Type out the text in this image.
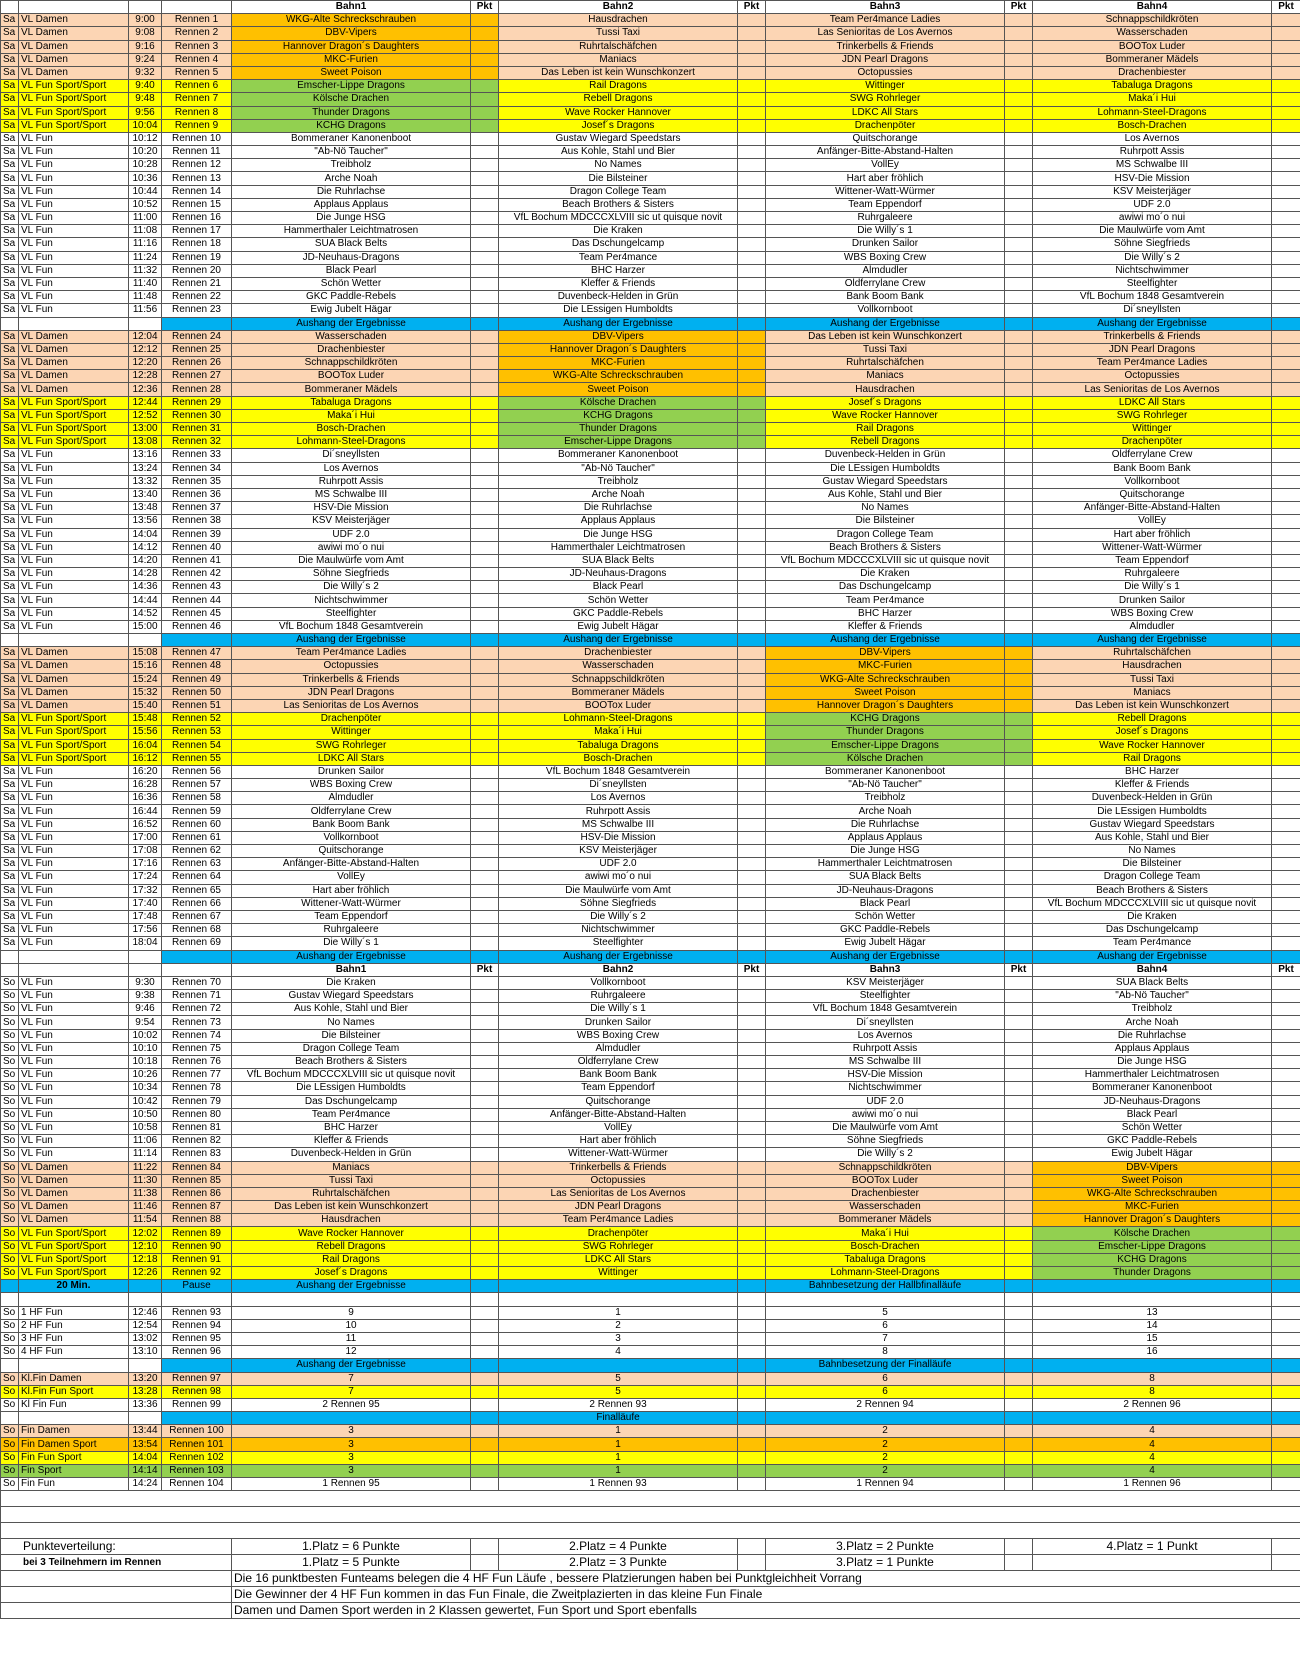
				Bahn1	Pkt	Bahn2	Pkt	Bahn3	Pkt	Bahn4	Pkt
Sa	VL Damen	9:00	Rennen 1	WKG-Alte Schreckschrauben		Hausdrachen		Team Per4mance Ladies		Schnappschildkröten	
Sa	VL Damen	9:08	Rennen 2	DBV-Vipers		Tussi Taxi		Las Senioritas de Los Avernos		Wasserschaden	
Sa	VL Damen	9:16	Rennen 3	Hannover Dragon´s Daughters		Ruhrtalschäfchen		Trinkerbells & Friends		BOOTox Luder	
Sa	VL Damen	9:24	Rennen 4	MKC-Furien		Maniacs		JDN Pearl Dragons		Bommeraner Mädels	
Sa	VL Damen	9:32	Rennen 5	Sweet Poison		Das Leben ist kein Wunschkonzert		Octopussies		Drachenbiester	
Sa	VL Fun Sport/Sport	9:40	Rennen 6	Emscher-Lippe Dragons		Rail Dragons		Wittinger		Tabaluga Dragons	
Sa	VL Fun Sport/Sport	9:48	Rennen 7	Kölsche Drachen		Rebell Dragons		SWG Rohrleger		Maka´i Hui	
Sa	VL Fun Sport/Sport	9:56	Rennen 8	Thunder Dragons		Wave Rocker Hannover		LDKC All Stars		Lohmann-Steel-Dragons	
Sa	VL Fun Sport/Sport	10:04	Rennen 9	KCHG Dragons		Josef´s Dragons		Drachenpöter		Bosch-Drachen	
Sa	VL Fun	10:12	Rennen 10	Bommeraner Kanonenboot		Gustav Wiegard Speedstars		Quitschorange		Los Avernos	
Sa	VL Fun	10:20	Rennen 11	"Ab-Nö Taucher"		Aus Kohle, Stahl und Bier		Anfänger-Bitte-Abstand-Halten		Ruhrpott Assis	
Sa	VL Fun	10:28	Rennen 12	Treibholz		No Names		VollEy		MS Schwalbe III	
Sa	VL Fun	10:36	Rennen 13	Arche Noah		Die Bilsteiner		Hart aber fröhlich		HSV-Die Mission	
Sa	VL Fun	10:44	Rennen 14	Die Ruhrlachse		Dragon College Team		Wittener-Watt-Würmer		KSV Meisterjäger	
Sa	VL Fun	10:52	Rennen 15	Applaus Applaus		Beach Brothers & Sisters		Team Eppendorf		UDF 2.0	
Sa	VL Fun	11:00	Rennen 16	Die Junge HSG		VfL Bochum MDCCCXLVIII sic ut quisque novit		Ruhrgaleere		awiwi mo´o nui	
Sa	VL Fun	11:08	Rennen 17	Hammerthaler Leichtmatrosen		Die Kraken		Die Willy´s 1		Die Maulwürfe vom Amt	
Sa	VL Fun	11:16	Rennen 18	SUA Black Belts		Das Dschungelcamp		Drunken Sailor		Söhne Siegfrieds	
Sa	VL Fun	11:24	Rennen 19	JD-Neuhaus-Dragons		Team Per4mance		WBS Boxing Crew		Die Willy´s 2	
Sa	VL Fun	11:32	Rennen 20	Black Pearl		BHC Harzer		Almdudler		Nichtschwimmer	
Sa	VL Fun	11:40	Rennen 21	Schön Wetter		Kleffer & Friends		Oldferrylane Crew		Steelfighter	
Sa	VL Fun	11:48	Rennen 22	GKC Paddle-Rebels		Duvenbeck-Helden in Grün		Bank Boom Bank		VfL Bochum 1848 Gesamtverein	
Sa	VL Fun	11:56	Rennen 23	Ewig Jubelt Hägar		Die LEssigen Humboldts		Vollkornboot		Di´sneyllsten	
				Aushang der Ergebnisse		Aushang der Ergebnisse		Aushang der Ergebnisse		Aushang der Ergebnisse	
Sa	VL Damen	12:04	Rennen 24	Wasserschaden		DBV-Vipers		Das Leben ist kein Wunschkonzert		Trinkerbells & Friends	
Sa	VL Damen	12:12	Rennen 25	Drachenbiester		Hannover Dragon´s Daughters		Tussi Taxi		JDN Pearl Dragons	
Sa	VL Damen	12:20	Rennen 26	Schnappschildkröten		MKC-Furien		Ruhrtalschäfchen		Team Per4mance Ladies	
Sa	VL Damen	12:28	Rennen 27	BOOTox Luder		WKG-Alte Schreckschrauben		Maniacs		Octopussies	
Sa	VL Damen	12:36	Rennen 28	Bommeraner Mädels		Sweet Poison		Hausdrachen		Las Senioritas de Los Avernos	
Sa	VL Fun Sport/Sport	12:44	Rennen 29	Tabaluga Dragons		Kölsche Drachen		Josef´s Dragons		LDKC All Stars	
Sa	VL Fun Sport/Sport	12:52	Rennen 30	Maka´i Hui		KCHG Dragons		Wave Rocker Hannover		SWG Rohrleger	
Sa	VL Fun Sport/Sport	13:00	Rennen 31	Bosch-Drachen		Thunder Dragons		Rail Dragons		Wittinger	
Sa	VL Fun Sport/Sport	13:08	Rennen 32	Lohmann-Steel-Dragons		Emscher-Lippe Dragons		Rebell Dragons		Drachenpöter	
Sa	VL Fun	13:16	Rennen 33	Di´sneyllsten		Bommeraner Kanonenboot		Duvenbeck-Helden in Grün		Oldferrylane Crew	
Sa	VL Fun	13:24	Rennen 34	Los Avernos		"Ab-Nö Taucher"		Die LEssigen Humboldts		Bank Boom Bank	
Sa	VL Fun	13:32	Rennen 35	Ruhrpott Assis		Treibholz		Gustav Wiegard Speedstars		Vollkornboot	
Sa	VL Fun	13:40	Rennen 36	MS Schwalbe III		Arche Noah		Aus Kohle, Stahl und Bier		Quitschorange	
Sa	VL Fun	13:48	Rennen 37	HSV-Die Mission		Die Ruhrlachse		No Names		Anfänger-Bitte-Abstand-Halten	
Sa	VL Fun	13:56	Rennen 38	KSV Meisterjäger		Applaus Applaus		Die Bilsteiner		VollEy	
Sa	VL Fun	14:04	Rennen 39	UDF 2.0		Die Junge HSG		Dragon College Team		Hart aber fröhlich	
Sa	VL Fun	14:12	Rennen 40	awiwi mo´o nui		Hammerthaler Leichtmatrosen		Beach Brothers & Sisters		Wittener-Watt-Würmer	
Sa	VL Fun	14:20	Rennen 41	Die Maulwürfe vom Amt		SUA Black Belts		VfL Bochum MDCCCXLVIII sic ut quisque novit		Team Eppendorf	
Sa	VL Fun	14:28	Rennen 42	Söhne Siegfrieds		JD-Neuhaus-Dragons		Die Kraken		Ruhrgaleere	
Sa	VL Fun	14:36	Rennen 43	Die Willy´s 2		Black Pearl		Das Dschungelcamp		Die Willy´s 1	
Sa	VL Fun	14:44	Rennen 44	Nichtschwimmer		Schön Wetter		Team Per4mance		Drunken Sailor	
Sa	VL Fun	14:52	Rennen 45	Steelfighter		GKC Paddle-Rebels		BHC Harzer		WBS Boxing Crew	
Sa	VL Fun	15:00	Rennen 46	VfL Bochum 1848 Gesamtverein		Ewig Jubelt Hägar		Kleffer & Friends		Almdudler	
				Aushang der Ergebnisse		Aushang der Ergebnisse		Aushang der Ergebnisse		Aushang der Ergebnisse	
Sa	VL Damen	15:08	Rennen 47	Team Per4mance Ladies		Drachenbiester		DBV-Vipers		Ruhrtalschäfchen	
Sa	VL Damen	15:16	Rennen 48	Octopussies		Wasserschaden		MKC-Furien		Hausdrachen	
Sa	VL Damen	15:24	Rennen 49	Trinkerbells & Friends		Schnappschildkröten		WKG-Alte Schreckschrauben		Tussi Taxi	
Sa	VL Damen	15:32	Rennen 50	JDN Pearl Dragons		Bommeraner Mädels		Sweet Poison		Maniacs	
Sa	VL Damen	15:40	Rennen 51	Las Senioritas de Los Avernos		BOOTox Luder		Hannover Dragon´s Daughters		Das Leben ist kein Wunschkonzert	
Sa	VL Fun Sport/Sport	15:48	Rennen 52	Drachenpöter		Lohmann-Steel-Dragons		KCHG Dragons		Rebell Dragons	
Sa	VL Fun Sport/Sport	15:56	Rennen 53	Wittinger		Maka´i Hui		Thunder Dragons		Josef´s Dragons	
Sa	VL Fun Sport/Sport	16:04	Rennen 54	SWG Rohrleger		Tabaluga Dragons		Emscher-Lippe Dragons		Wave Rocker Hannover	
Sa	VL Fun Sport/Sport	16:12	Rennen 55	LDKC All Stars		Bosch-Drachen		Kölsche Drachen		Rail Dragons	
Sa	VL Fun	16:20	Rennen 56	Drunken Sailor		VfL Bochum 1848 Gesamtverein		Bommeraner Kanonenboot		BHC Harzer	
Sa	VL Fun	16:28	Rennen 57	WBS Boxing Crew		Di´sneyllsten		"Ab-Nö Taucher"		Kleffer & Friends	
Sa	VL Fun	16:36	Rennen 58	Almdudler		Los Avernos		Treibholz		Duvenbeck-Helden in Grün	
Sa	VL Fun	16:44	Rennen 59	Oldferrylane Crew		Ruhrpott Assis		Arche Noah		Die LEssigen Humboldts	
Sa	VL Fun	16:52	Rennen 60	Bank Boom Bank		MS Schwalbe III		Die Ruhrlachse		Gustav Wiegard Speedstars	
Sa	VL Fun	17:00	Rennen 61	Vollkornboot		HSV-Die Mission		Applaus Applaus		Aus Kohle, Stahl und Bier	
Sa	VL Fun	17:08	Rennen 62	Quitschorange		KSV Meisterjäger		Die Junge HSG		No Names	
Sa	VL Fun	17:16	Rennen 63	Anfänger-Bitte-Abstand-Halten		UDF 2.0		Hammerthaler Leichtmatrosen		Die Bilsteiner	
Sa	VL Fun	17:24	Rennen 64	VollEy		awiwi mo´o nui		SUA Black Belts		Dragon College Team	
Sa	VL Fun	17:32	Rennen 65	Hart aber fröhlich		Die Maulwürfe vom Amt		JD-Neuhaus-Dragons		Beach Brothers & Sisters	
Sa	VL Fun	17:40	Rennen 66	Wittener-Watt-Würmer		Söhne Siegfrieds		Black Pearl		VfL Bochum MDCCCXLVIII sic ut quisque novit	
Sa	VL Fun	17:48	Rennen 67	Team Eppendorf		Die Willy´s 2		Schön Wetter		Die Kraken	
Sa	VL Fun	17:56	Rennen 68	Ruhrgaleere		Nichtschwimmer		GKC Paddle-Rebels		Das Dschungelcamp	
Sa	VL Fun	18:04	Rennen 69	Die Willy´s 1		Steelfighter		Ewig Jubelt Hägar		Team Per4mance	
				Aushang der Ergebnisse		Aushang der Ergebnisse		Aushang der Ergebnisse		Aushang der Ergebnisse	
				Bahn1	Pkt	Bahn2	Pkt	Bahn3	Pkt	Bahn4	Pkt
So	VL Fun	9:30	Rennen 70	Die Kraken		Vollkornboot		KSV Meisterjäger		SUA Black Belts	
So	VL Fun	9:38	Rennen 71	Gustav Wiegard Speedstars		Ruhrgaleere		Steelfighter		"Ab-Nö Taucher"	
So	VL Fun	9:46	Rennen 72	Aus Kohle, Stahl und Bier		Die Willy´s 1		VfL Bochum 1848 Gesamtverein		Treibholz	
So	VL Fun	9:54	Rennen 73	No Names		Drunken Sailor		Di´sneyllsten		Arche Noah	
So	VL Fun	10:02	Rennen 74	Die Bilsteiner		WBS Boxing Crew		Los Avernos		Die Ruhrlachse	
So	VL Fun	10:10	Rennen 75	Dragon College Team		Almdudler		Ruhrpott Assis		Applaus Applaus	
So	VL Fun	10:18	Rennen 76	Beach Brothers & Sisters		Oldferrylane Crew		MS Schwalbe III		Die Junge HSG	
So	VL Fun	10:26	Rennen 77	VfL Bochum MDCCCXLVIII sic ut quisque novit		Bank Boom Bank		HSV-Die Mission		Hammerthaler Leichtmatrosen	
So	VL Fun	10:34	Rennen 78	Die LEssigen Humboldts		Team Eppendorf		Nichtschwimmer		Bommeraner Kanonenboot	
So	VL Fun	10:42	Rennen 79	Das Dschungelcamp		Quitschorange		UDF 2.0		JD-Neuhaus-Dragons	
So	VL Fun	10:50	Rennen 80	Team Per4mance		Anfänger-Bitte-Abstand-Halten		awiwi mo´o nui		Black Pearl	
So	VL Fun	10:58	Rennen 81	BHC Harzer		VollEy		Die Maulwürfe vom Amt		Schön Wetter	
So	VL Fun	11:06	Rennen 82	Kleffer & Friends		Hart aber fröhlich		Söhne Siegfrieds		GKC Paddle-Rebels	
So	VL Fun	11:14	Rennen 83	Duvenbeck-Helden in Grün		Wittener-Watt-Würmer		Die Willy´s 2		Ewig Jubelt Hägar	
So	VL Damen	11:22	Rennen 84	Maniacs		Trinkerbells & Friends		Schnappschildkröten		DBV-Vipers	
So	VL Damen	11:30	Rennen 85	Tussi Taxi		Octopussies		BOOTox Luder		Sweet Poison	
So	VL Damen	11:38	Rennen 86	Ruhrtalschäfchen		Las Senioritas de Los Avernos		Drachenbiester		WKG-Alte Schreckschrauben	
So	VL Damen	11:46	Rennen 87	Das Leben ist kein Wunschkonzert		JDN Pearl Dragons		Wasserschaden		MKC-Furien	
So	VL Damen	11:54	Rennen 88	Hausdrachen		Team Per4mance Ladies		Bommeraner Mädels		Hannover Dragon´s Daughters	
So	VL Fun Sport/Sport	12:02	Rennen 89	Wave Rocker Hannover		Drachenpöter		Maka´i Hui		Kölsche Drachen	
So	VL Fun Sport/Sport	12:10	Rennen 90	Rebell Dragons		SWG Rohrleger		Bosch-Drachen		Emscher-Lippe Dragons	
So	VL Fun Sport/Sport	12:18	Rennen 91	Rail Dragons		LDKC All Stars		Tabaluga Dragons		KCHG Dragons	
So	VL Fun Sport/Sport	12:26	Rennen 92	Josef´s Dragons		Wittinger		Lohmann-Steel-Dragons		Thunder Dragons	
	20 Min.		Pause	Aushang der Ergebnisse				Bahnbesetzung der Hallbfinalläufe			

So	1 HF Fun	12:46	Rennen 93	9		1		5		13	
So	2 HF Fun	12:54	Rennen 94	10		2		6		14	
So	3 HF Fun	13:02	Rennen 95	11		3		7		15	
So	4 HF Fun	13:10	Rennen 96	12		4		8		16	
				Aushang der Ergebnisse				Bahnbesetzung der Finalläufe			
So	Kl.Fin Damen	13:20	Rennen 97	7		5		6		8	
So	Kl.Fin Fun Sport	13:28	Rennen 98	7		5		6		8	
So	Kl Fin Fun	13:36	Rennen 99	2 Rennen 95		2 Rennen 93		2 Rennen 94		2 Rennen 96	
						Finalläufe					
So	Fin Damen	13:44	Rennen 100	3		1		2		4	
So	Fin Damen Sport	13:54	Rennen 101	3		1		2		4	
So	Fin Fun Sport	14:04	Rennen 102	3		1		2		4	
So	Fin Sport	14:14	Rennen 103	3		1		2		4	
So	Fin Fun	14:24	Rennen 104	1 Rennen 95		1 Rennen 93		1 Rennen 94		1 Rennen 96	

Punkteverteilung:				1.Platz = 6 Punkte		2.Platz = 4 Punkte		3.Platz = 2 Punkte		4.Platz = 1 Punkt	
bei 3 Teilnehmern im Rennen				1.Platz = 5 Punkte		2.Platz = 3 Punkte		3.Platz = 1 Punkte			
				Die 16 punktbesten Funteams belegen die 4 HF Fun Läufe , bessere Platzierungen haben bei Punktgleichheit Vorrang							
				Die Gewinner der 4 HF Fun kommen in das Fun Finale, die Zweitplazierten in das kleine Fun Finale							
				Damen und Damen Sport werden in 2 Klassen gewertet, Fun Sport und Sport ebenfalls							
